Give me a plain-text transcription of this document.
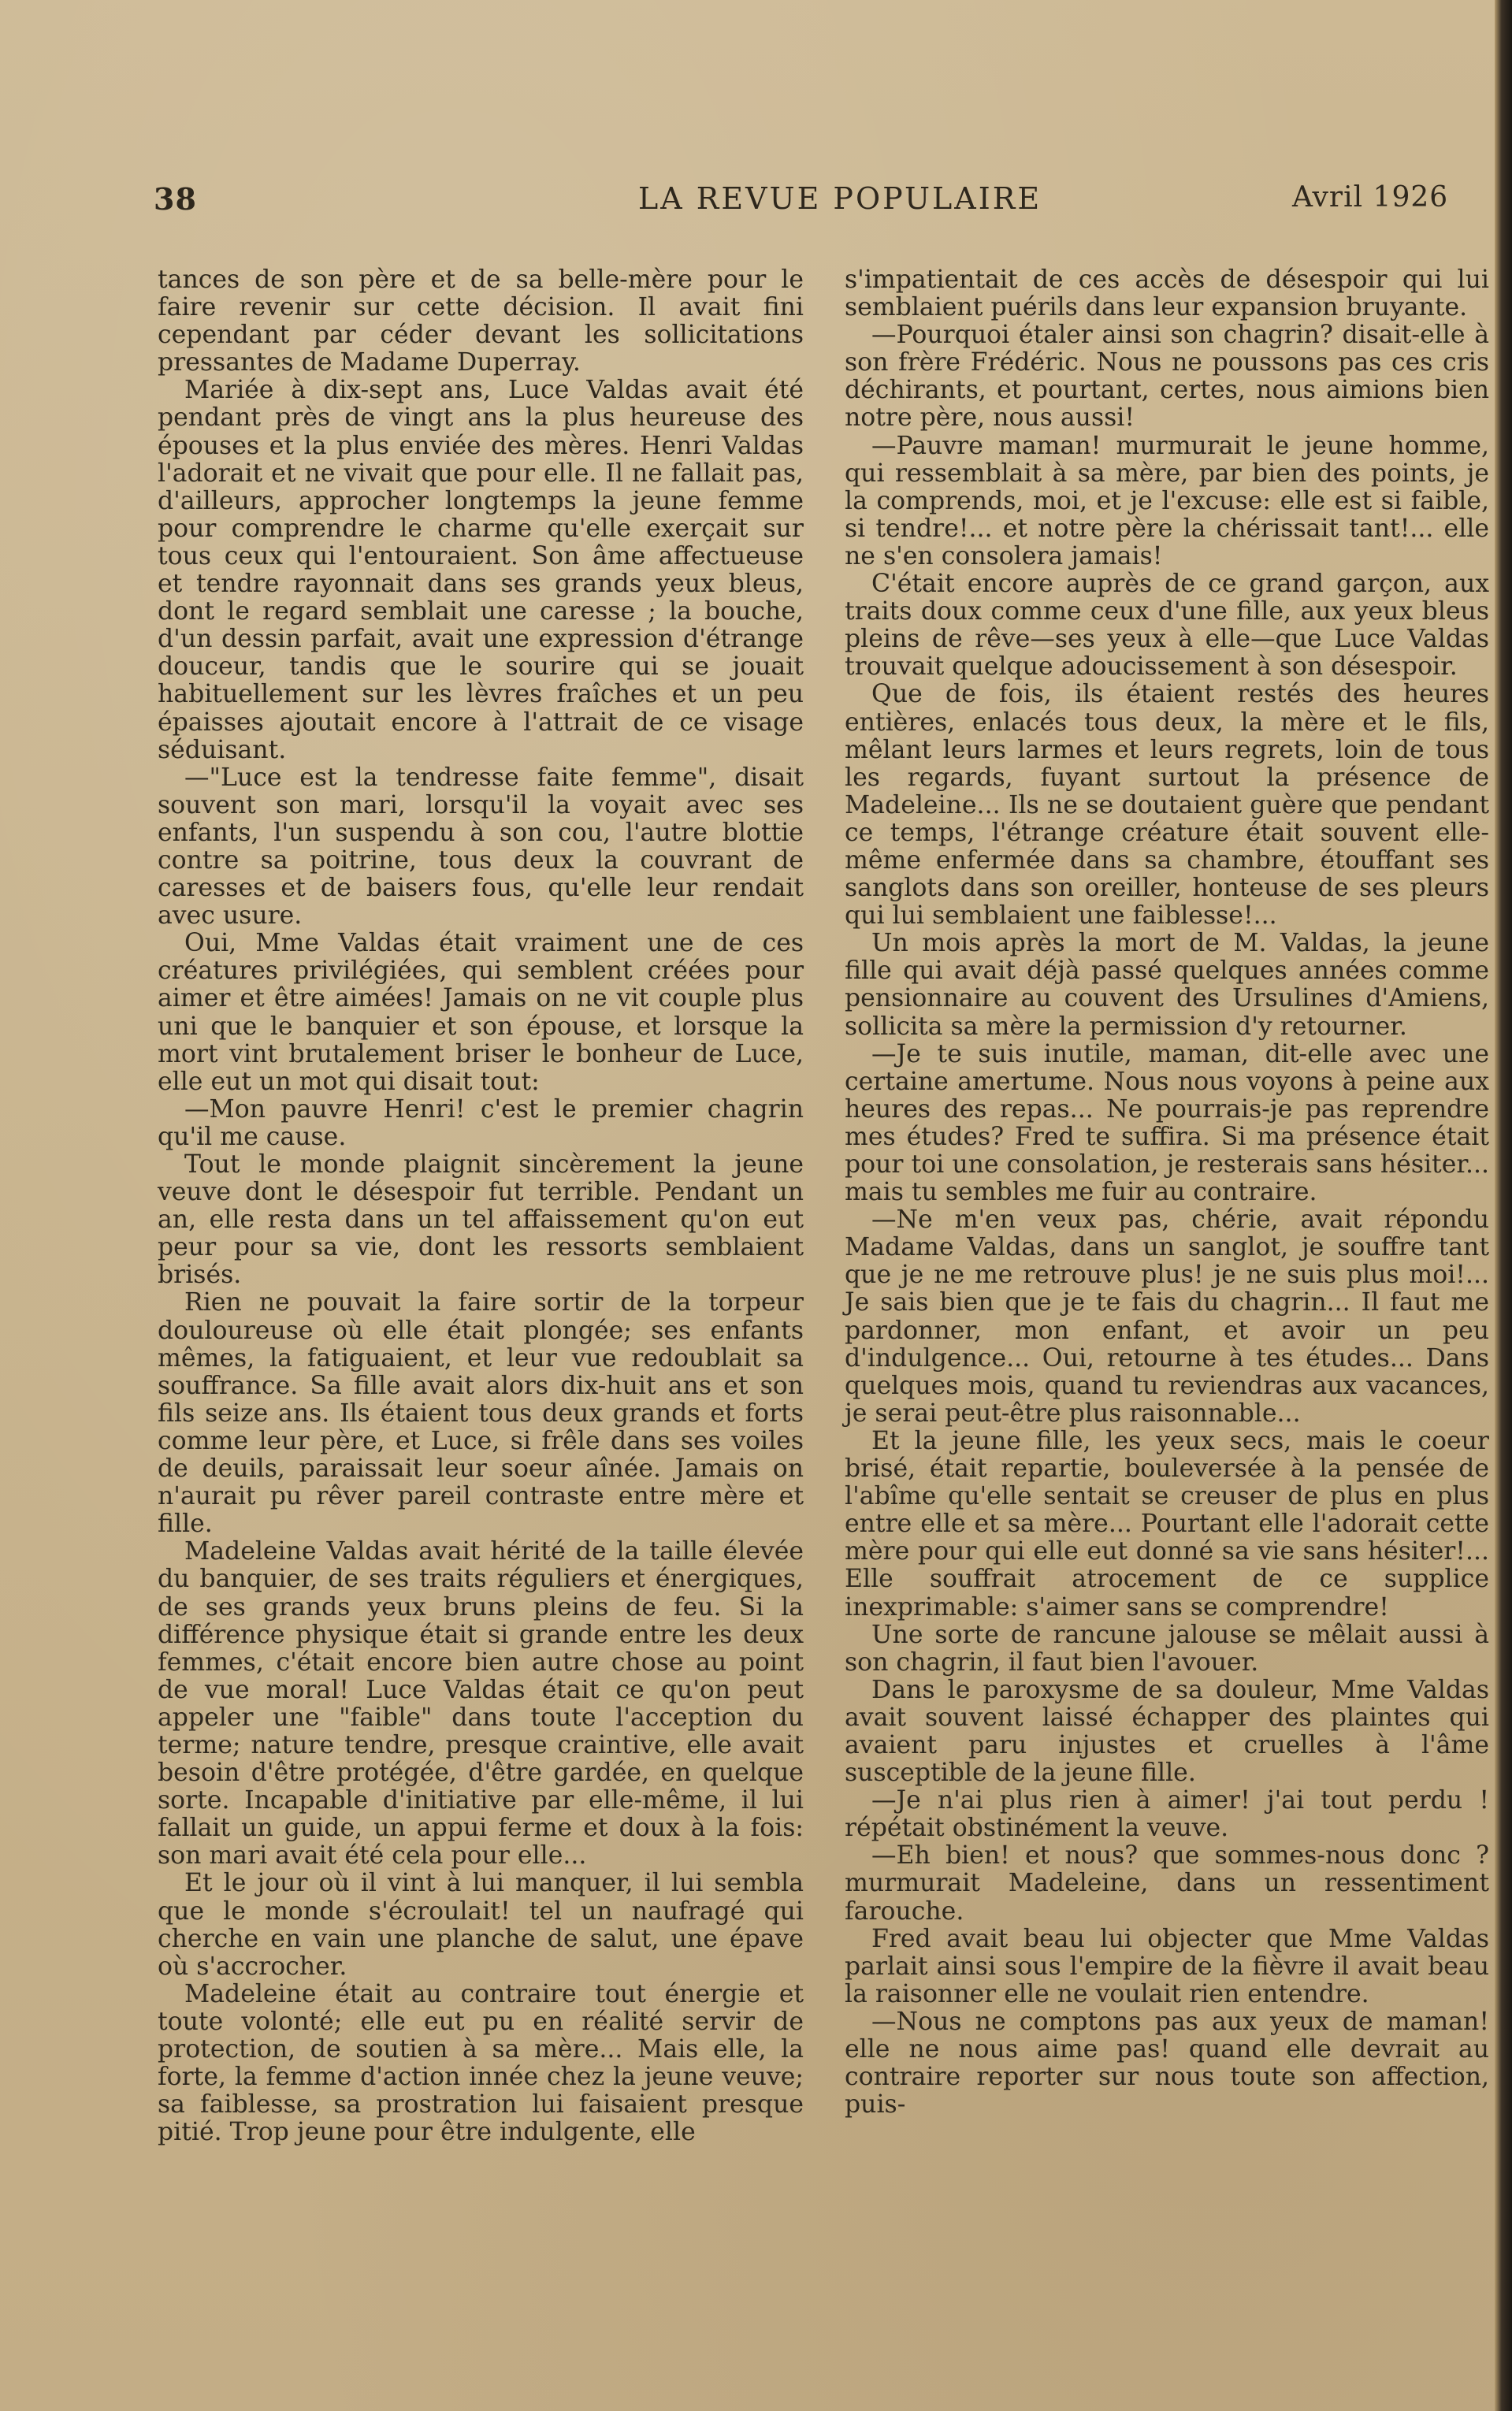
38	LA REVUE POPULAIRE	Avril 1926

tances de son père et de sa belle-mère pour le faire revenir sur cette décision. Il avait fini cependant par céder devant les sollicitations pressantes de Madame Duperray.

Mariée à dix-sept ans, Luce Valdas avait été pendant près de vingt ans la plus heureuse des épouses et la plus enviée des mères. Henri Valdas l'adorait et ne vivait que pour elle. Il ne fallait pas, d'ailleurs, approcher longtemps la jeune femme pour comprendre le charme qu'elle exerçait sur tous ceux qui l'entouraient. Son âme affectueuse et tendre rayonnait dans ses grands yeux bleus, dont le regard semblait une caresse ; la bouche, d'un dessin parfait, avait une expression d'étrange douceur, tandis que le sourire qui se jouait habituellement sur les lèvres fraîches et un peu épaisses ajoutait encore à l'attrait de ce visage séduisant.

—"Luce est la tendresse faite femme", disait souvent son mari, lorsqu'il la voyait avec ses enfants, l'un suspendu à son cou, l'autre blottie contre sa poitrine, tous deux la couvrant de caresses et de baisers fous, qu'elle leur rendait avec usure.

Oui, Mme Valdas était vraiment une de ces créatures privilégiées, qui semblent créées pour aimer et être aimées! Jamais on ne vit couple plus uni que le banquier et son épouse, et lorsque la mort vint brutalement briser le bonheur de Luce, elle eut un mot qui disait tout:

—Mon pauvre Henri! c'est le premier chagrin qu'il me cause.

Tout le monde plaignit sincèrement la jeune veuve dont le désespoir fut terrible. Pendant un an, elle resta dans un tel affaissement qu'on eut peur pour sa vie, dont les ressorts semblaient brisés.

Rien ne pouvait la faire sortir de la torpeur douloureuse où elle était plongée; ses enfants mêmes, la fatiguaient, et leur vue redoublait sa souffrance. Sa fille avait alors dix-huit ans et son fils seize ans. Ils étaient tous deux grands et forts comme leur père, et Luce, si frêle dans ses voiles de deuils, paraissait leur soeur aînée. Jamais on n'aurait pu rêver pareil contraste entre mère et fille.

Madeleine Valdas avait hérité de la taille élevée du banquier, de ses traits réguliers et énergiques, de ses grands yeux bruns pleins de feu. Si la différence physique était si grande entre les deux femmes, c'était encore bien autre chose au point de vue moral! Luce Valdas était ce qu'on peut appeler une "faible" dans toute l'acception du terme; nature tendre, presque craintive, elle avait besoin d'être protégée, d'être gardée, en quelque sorte. Incapable d'initiative par elle-même, il lui fallait un guide, un appui ferme et doux à la fois: son mari avait été cela pour elle...

Et le jour où il vint à lui manquer, il lui sembla que le monde s'écroulait! tel un naufragé qui cherche en vain une planche de salut, une épave où s'accrocher.

Madeleine était au contraire tout énergie et toute volonté; elle eut pu en réalité servir de protection, de soutien à sa mère... Mais elle, la forte, la femme d'action innée chez la jeune veuve; sa faiblesse, sa prostration lui faisaient presque pitié. Trop jeune pour être indulgente, elle

s'impatientait de ces accès de désespoir qui lui semblaient puérils dans leur expansion bruyante.

—Pourquoi étaler ainsi son chagrin? disait-elle à son frère Frédéric. Nous ne poussons pas ces cris déchirants, et pourtant, certes, nous aimions bien notre père, nous aussi!

—Pauvre maman! murmurait le jeune homme, qui ressemblait à sa mère, par bien des points, je la comprends, moi, et je l'excuse: elle est si faible, si tendre!... et notre père la chérissait tant!... elle ne s'en consolera jamais!

C'était encore auprès de ce grand garçon, aux traits doux comme ceux d'une fille, aux yeux bleus pleins de rêve—ses yeux à elle—que Luce Valdas trouvait quelque adoucissement à son désespoir.

Que de fois, ils étaient restés des heures entières, enlacés tous deux, la mère et le fils, mêlant leurs larmes et leurs regrets, loin de tous les regards, fuyant surtout la présence de Madeleine... Ils ne se doutaient guère que pendant ce temps, l'étrange créature était souvent elle-même enfermée dans sa chambre, étouffant ses sanglots dans son oreiller, honteuse de ses pleurs qui lui semblaient une faiblesse!...

Un mois après la mort de M. Valdas, la jeune fille qui avait déjà passé quelques années comme pensionnaire au couvent des Ursulines d'Amiens, sollicita sa mère la permission d'y retourner.

—Je te suis inutile, maman, dit-elle avec une certaine amertume. Nous nous voyons à peine aux heures des repas... Ne pourrais-je pas reprendre mes études? Fred te suffira. Si ma présence était pour toi une consolation, je resterais sans hésiter... mais tu sembles me fuir au contraire.

—Ne m'en veux pas, chérie, avait répondu Madame Valdas, dans un sanglot, je souffre tant que je ne me retrouve plus! je ne suis plus moi!... Je sais bien que je te fais du chagrin... Il faut me pardonner, mon enfant, et avoir un peu d'indulgence... Oui, retourne à tes études... Dans quelques mois, quand tu reviendras aux vacances, je serai peut-être plus raisonnable...

Et la jeune fille, les yeux secs, mais le coeur brisé, était repartie, bouleversée à la pensée de l'abîme qu'elle sentait se creuser de plus en plus entre elle et sa mère... Pourtant elle l'adorait cette mère pour qui elle eut donné sa vie sans hésiter!... Elle souffrait atrocement de ce supplice inexprimable: s'aimer sans se comprendre!

Une sorte de rancune jalouse se mêlait aussi à son chagrin, il faut bien l'avouer.

Dans le paroxysme de sa douleur, Mme Valdas avait souvent laissé échapper des plaintes qui avaient paru injustes et cruelles à l'âme susceptible de la jeune fille.

—Je n'ai plus rien à aimer! j'ai tout perdu ! répétait obstinément la veuve.

—Eh bien! et nous? que sommes-nous donc ? murmurait Madeleine, dans un ressentiment farouche.

Fred avait beau lui objecter que Mme Valdas parlait ainsi sous l'empire de la fièvre il avait beau la raisonner elle ne voulait rien entendre.

—Nous ne comptons pas aux yeux de maman! elle ne nous aime pas! quand elle devrait au contraire reporter sur nous toute son affection, puis-
